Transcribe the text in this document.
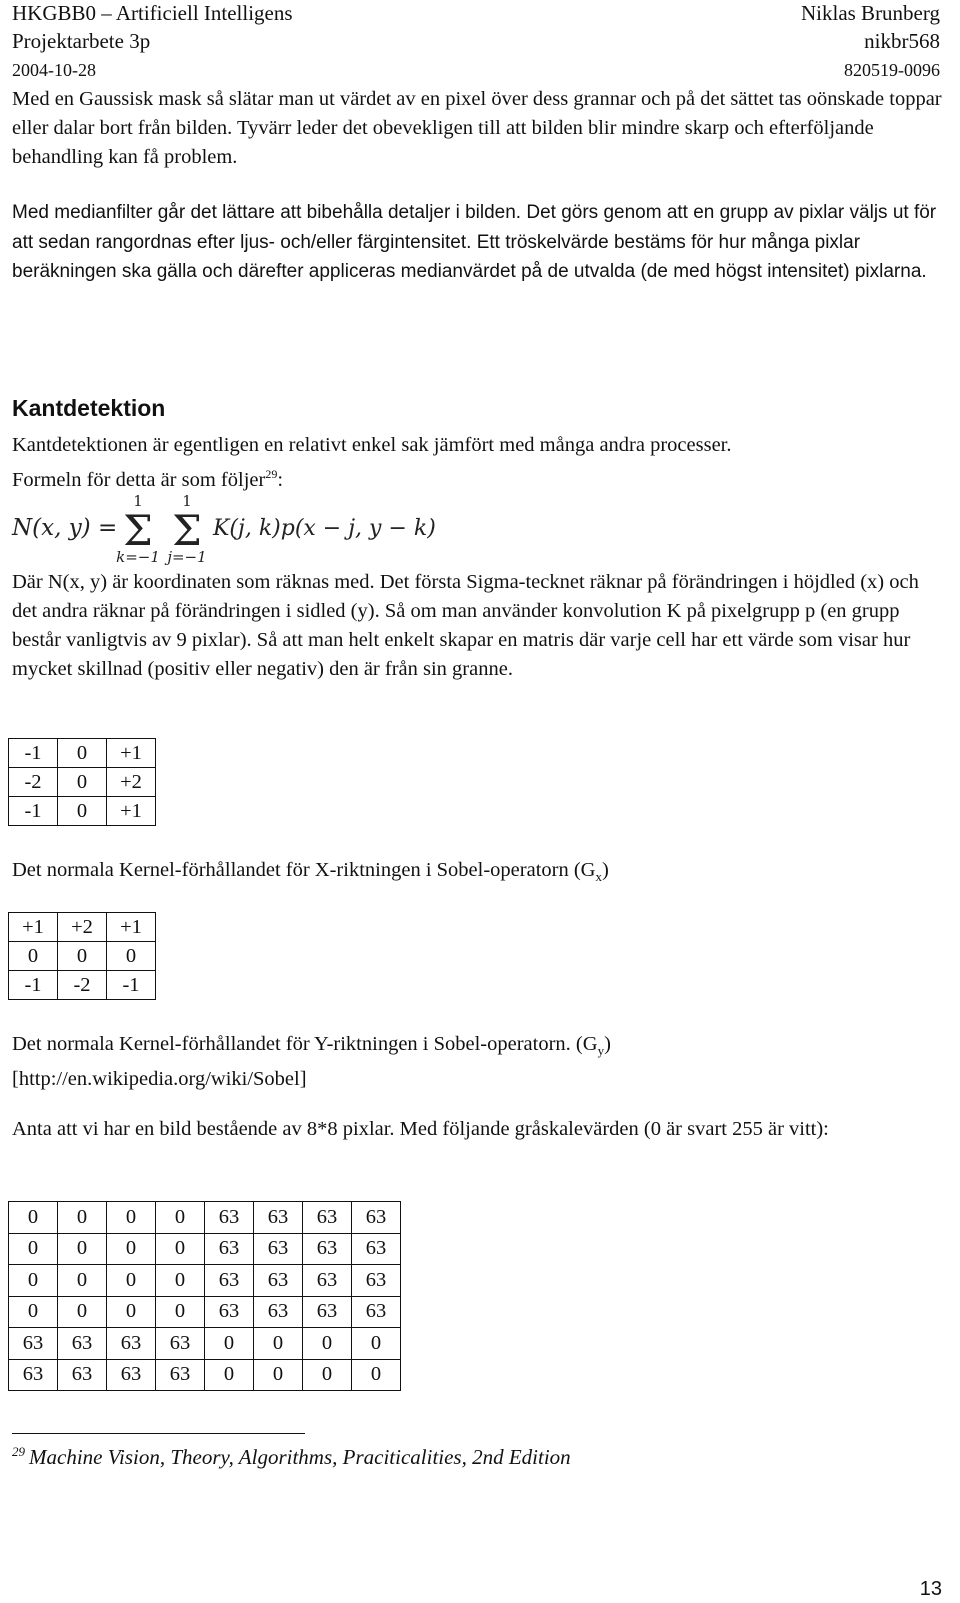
HKGBB0 – Artificiell Intelligens	Niklas Brunberg
Projektarbete 3p	nikbr568
2004-10-28	820519-0096

Med en Gaussisk mask så slätar man ut värdet av en pixel över dess grannar och på det sättet tas oönskade toppar eller dalar bort från bilden. Tyvärr leder det obevekligen till att bilden blir mindre skarp och efterföljande behandling kan få problem.

Med medianfilter går det lättare att bibehålla detaljer i bilden. Det görs genom att en grupp av pixlar väljs ut för att sedan rangordnas efter ljus- och/eller färgintensitet. Ett tröskelvärde bestäms för hur många pixlar beräkningen ska gälla och därefter appliceras medianvärdet på de utvalda (de med högst intensitet) pixlarna.

Kantdetektion

Kantdetektionen är egentligen en relativt enkel sak jämfört med många andra processer.
Formeln för detta är som följer$^{29}$:

N(x, y) =
1
Σ
k=−1
1
Σ
j=−1
K(j, k)p(x − j, y − k)

Där N(x, y) är koordinaten som räknas med. Det första Sigma-tecknet räknar på förändringen i höjdled (x) och det andra räknar på förändringen i sidled (y). Så om man använder konvolution K på pixelgrupp p (en grupp består vanligtvis av 9 pixlar). Så att man helt enkelt skapar en matris där varje cell har ett värde som visar hur mycket skillnad (positiv eller negativ) den är från sin granne.

-1	0	+1
-2	0	+2
-1	0	+1

Det normala Kernel-förhållandet för X-riktningen i Sobel-operatorn $(G_x)$

+1	+2	+1
0	0	0
-1	-2	-1

Det normala Kernel-förhållandet för Y-riktningen i Sobel-operatorn. $(G_y)$
[http://en.wikipedia.org/wiki/Sobel]

Anta att vi har en bild bestående av 8*8 pixlar. Med följande gråskalevärden (0 är svart 255 är vitt):

0	0	0	0	63	63	63	63
0	0	0	0	63	63	63	63
0	0	0	0	63	63	63	63
0	0	0	0	63	63	63	63
63	63	63	63	0	0	0	0
63	63	63	63	0	0	0	0
$^{29}$ Machine Vision, Theory, Algorithms, Praciticalities, 2nd Edition
13
